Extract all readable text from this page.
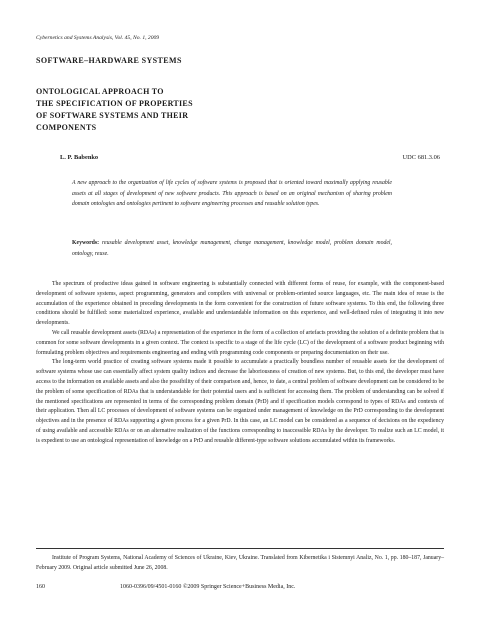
Cybernetics and Systems Analysis, Vol. 45, No. 1, 2009
SOFTWARE–HARDWARE SYSTEMS
ONTOLOGICAL APPROACH TO
THE SPECIFICATION OF PROPERTIES
OF SOFTWARE SYSTEMS AND THEIR
COMPONENTS
L. P. Babenko	UDC 681.3.06
A new approach to the organization of life cycles of software systems is proposed that is oriented toward maximally applying reusable assets at all stages of development of new software products. This approach is based on an original mechanism of sharing problem domain ontologies and ontologies pertinent to software engineering processes and reusable solution types.
Keywords: reusable development asset, knowledge management, change management, knowledge model, problem domain model, ontology, reuse.

The spectrum of productive ideas gained in software engineering is substantially connected with different forms of reuse, for example, with the component-based development of software systems, aspect programming, generators and compilers with universal or problem-oriented source languages, etc. The main idea of reuse is the accumulation of the experience obtained in preceding developments in the form convenient for the construction of future software systems. To this end, the following three conditions should be fulfilled: some materialized experience, available and understandable information on this experience, and well-defined rules of integrating it into new developments.

We call reusable development assets (RDAs) a representation of the experience in the form of a collection of artefacts providing the solution of a definite problem that is common for some software developments in a given context. The context is specific to a stage of the life cycle (LC) of the development of a software product beginning with formulating problem objectives and requirements engineering and ending with programming code components or preparing documentation on their use.

The long-term world practice of creating software systems made it possible to accumulate a practically boundless number of reusable assets for the development of software systems whose use can essentially affect system quality indices and decrease the laboriousness of creation of new systems. But, to this end, the developer must have access to the information on available assets and also the possibility of their comparison and, hence, to date, a central problem of software development can be considered to be the problem of some specification of RDAs that is understandable for their potential users and is sufficient for accessing them. The problem of understanding can be solved if the mentioned specifications are represented in terms of the corresponding problem domain (PrD) and if specification models correspond to types of RDAs and contexts of their application. Then all LC processes of development of software systems can be organized under management of knowledge on the PrD corresponding to the development objectives and in the presence of RDAs supporting a given process for a given PrD. In this case, an LC model can be considered as a sequence of decisions on the expediency of using available and accessible RDAs or on an alternative realization of the functions corresponding to inaccessible RDAs by the developer. To realize such an LC model, it is expedient to use an ontological representation of knowledge on a PrD and reusable different-type software solutions accumulated within its frameworks.

Institute of Program Systems, National Academy of Sciences of Ukraine, Kiev, Ukraine. Translated from Kibernetika i Sistemnyi Analiz, No. 1, pp. 180–187, January–February 2009. Original article submitted June 26, 2008.
160	1060-0396/09/4501-0160 ©2009 Springer Science+Business Media, Inc.
